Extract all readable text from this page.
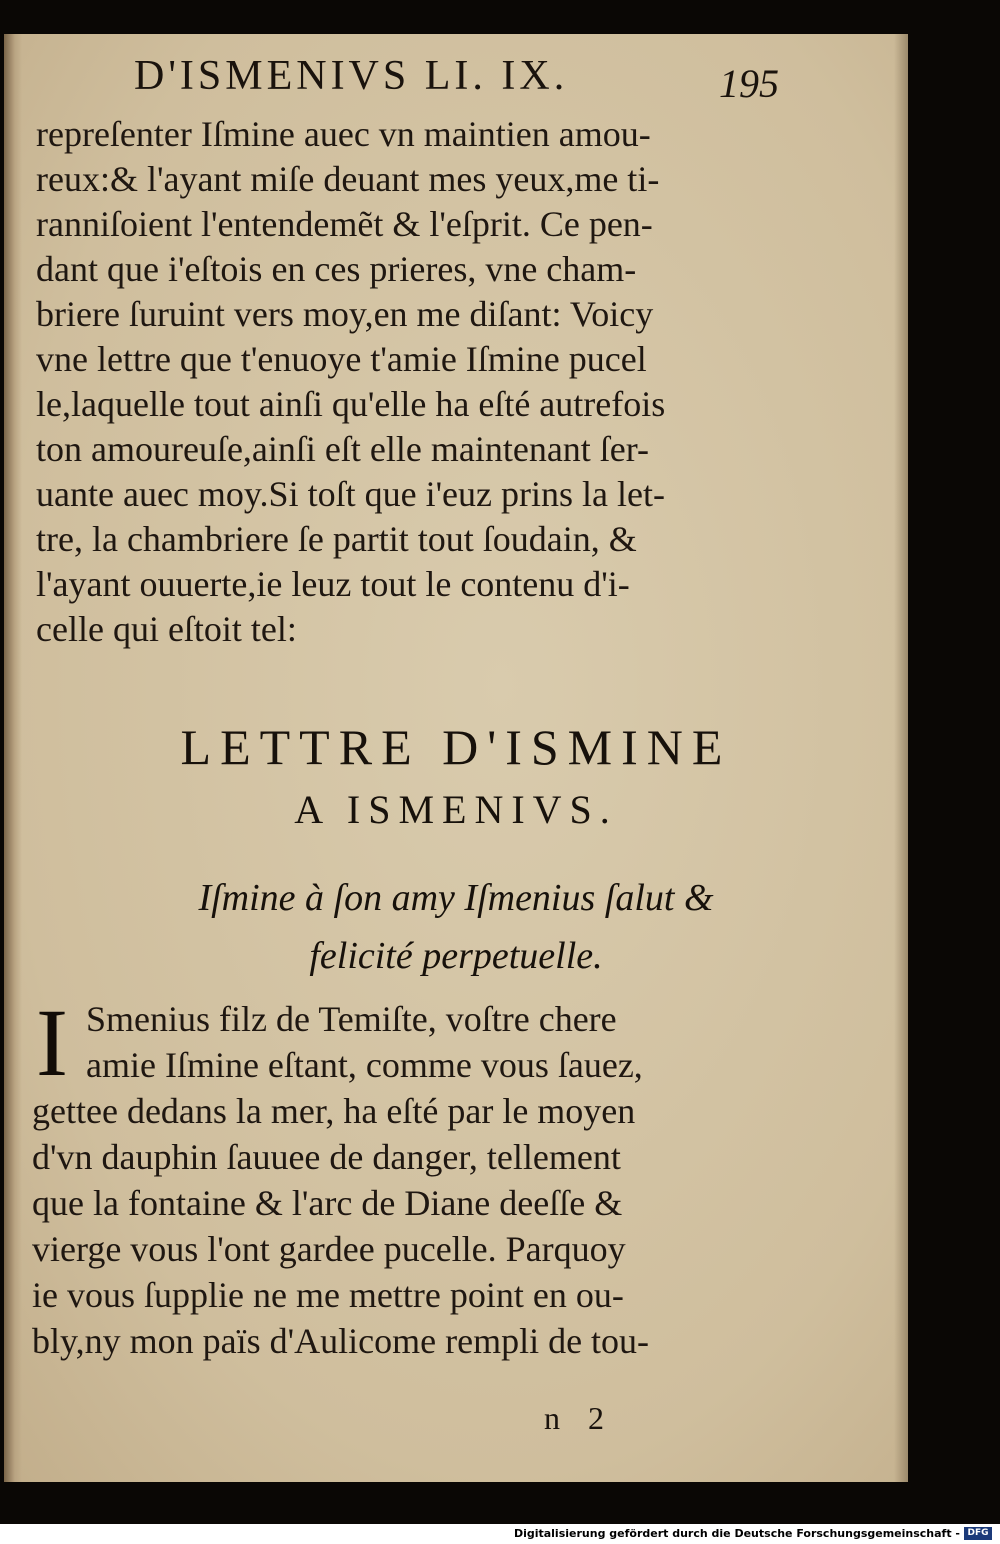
D'ISMENIVS LI. IX.	195
repreſenter Iſmine auec vn maintien amou-
reux:& l'ayant miſe deuant mes yeux,me ti-
ranniſoient l'entendemẽt & l'eſprit. Ce pen-
dant que i'eſtois en ces prieres, vne cham-
briere ſuruint vers moy,en me diſant: Voicy
vne lettre que t'enuoye t'amie Iſmine pucel
le,laquelle tout ainſi qu'elle ha eſté autrefois
ton amoureuſe,ainſi eſt elle maintenant ſer-
uante auec moy.Si toſt que i'euz prins la let-
tre, la chambriere ſe partit tout ſoudain, &
l'ayant ouuerte,ie leuz tout le contenu d'i-
celle qui eſtoit tel:
LETTRE D'ISMINE
A ISMENIVS.
Iſmine à ſon amy Iſmenius ſalut &
felicité perpetuelle.
I Smenius filz de Temiſte, voſtre chere
amie Iſmine eſtant, comme vous ſauez,
gettee dedans la mer, ha eſté par le moyen
d'vn dauphin ſauuee de danger, tellement
que la fontaine & l'arc de Diane deeſſe &
vierge vous l'ont gardee pucelle. Parquoy
ie vous ſupplie ne me mettre point en ou-
bly,ny mon païs d'Aulicome rempli de tou-
n 2
Digitalisierung gefördert durch die Deutsche Forschungsgemeinschaft - DFG
